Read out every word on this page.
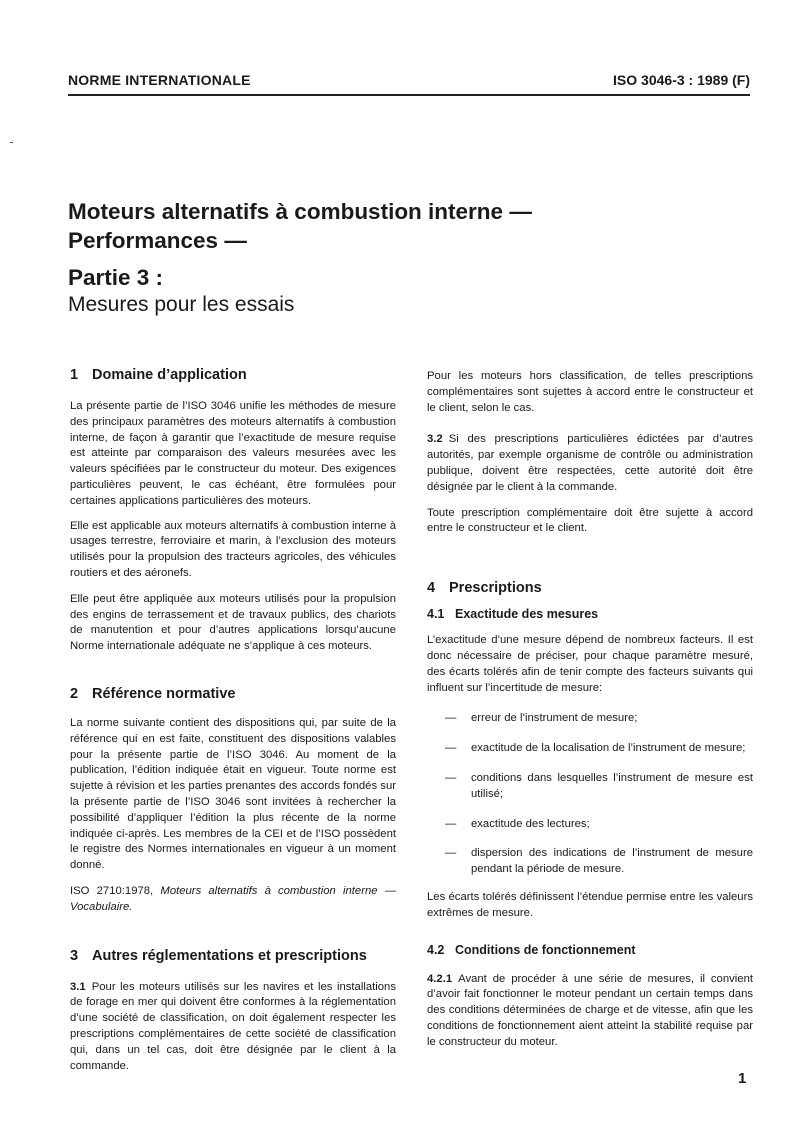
NORME INTERNATIONALE	ISO 3046-3 : 1989 (F)
Moteurs alternatifs à combustion interne —
Performances —
Partie 3 :
Mesures pour les essais
1 Domaine d’application

La présente partie de l’ISO 3046 unifie les méthodes de mesure des principaux paramètres des moteurs alternatifs à combustion interne, de façon à garantir que l’exactitude de mesure requise est atteinte par comparaison des valeurs mesurées avec les valeurs spécifiées par le constructeur du moteur. Des exigences particulières peuvent, le cas échéant, être formulées pour certaines applications particulières des moteurs.

Elle est applicable aux moteurs alternatifs à combustion interne à usages terrestre, ferroviaire et marin, à l’exclusion des moteurs utilisés pour la propulsion des tracteurs agricoles, des véhicules routiers et des aéronefs.

Elle peut être appliquée aux moteurs utilisés pour la propulsion des engins de terrassement et de travaux publics, des chariots de manutention et pour d’autres applications lorsqu’aucune Norme internationale adéquate ne s’applique à ces moteurs.

2 Référence normative

La norme suivante contient des dispositions qui, par suite de la référence qui en est faite, constituent des dispositions valables pour la présente partie de l’ISO 3046. Au moment de la publication, l’édition indiquée était en vigueur. Toute norme est sujette à révision et les parties prenantes des accords fondés sur la présente partie de l’ISO 3046 sont invitées à rechercher la possibilité d’appliquer l’édition la plus récente de la norme indiquée ci-après. Les membres de la CEI et de l’ISO possèdent le registre des Normes internationales en vigueur à un moment donné.

ISO 2710:1978, Moteurs alternatifs à combustion interne — Vocabulaire.

3 Autres réglementations et prescriptions

3.1 Pour les moteurs utilisés sur les navires et les installations de forage en mer qui doivent être conformes à la réglementation d’une société de classification, on doit également respecter les prescriptions complémentaires de cette société de classification qui, dans un tel cas, doit être désignée par le client à la commande.

Pour les moteurs hors classification, de telles prescriptions complémentaires sont sujettes à accord entre le constructeur et le client, selon le cas.

3.2 Si des prescriptions particulières édictées par d’autres autorités, par exemple organisme de contrôle ou administration publique, doivent être respectées, cette autorité doit être désignée par le client à la commande.

Toute prescription complémentaire doit être sujette à accord entre le constructeur et le client.

4 Prescriptions
4.1 Exactitude des mesures

L’exactitude d’une mesure dépend de nombreux facteurs. Il est donc nécessaire de préciser, pour chaque paramètre mesuré, des écarts tolérés afin de tenir compte des facteurs suivants qui influent sur l’incertitude de mesure:

—	erreur de l’instrument de mesure;
—	exactitude de la localisation de l’instrument de mesure;
—	conditions dans lesquelles l’instrument de mesure est utilisé;
—	exactitude des lectures;
—	dispersion des indications de l’instrument de mesure pendant la période de mesure.

Les écarts tolérés définissent l’étendue permise entre les valeurs extrêmes de mesure.

4.2 Conditions de fonctionnement

4.2.1 Avant de procéder à une série de mesures, il convient d’avoir fait fonctionner le moteur pendant un certain temps dans des conditions déterminées de charge et de vitesse, afin que les conditions de fonctionnement aient atteint la stabilité requise par le constructeur du moteur.

1
